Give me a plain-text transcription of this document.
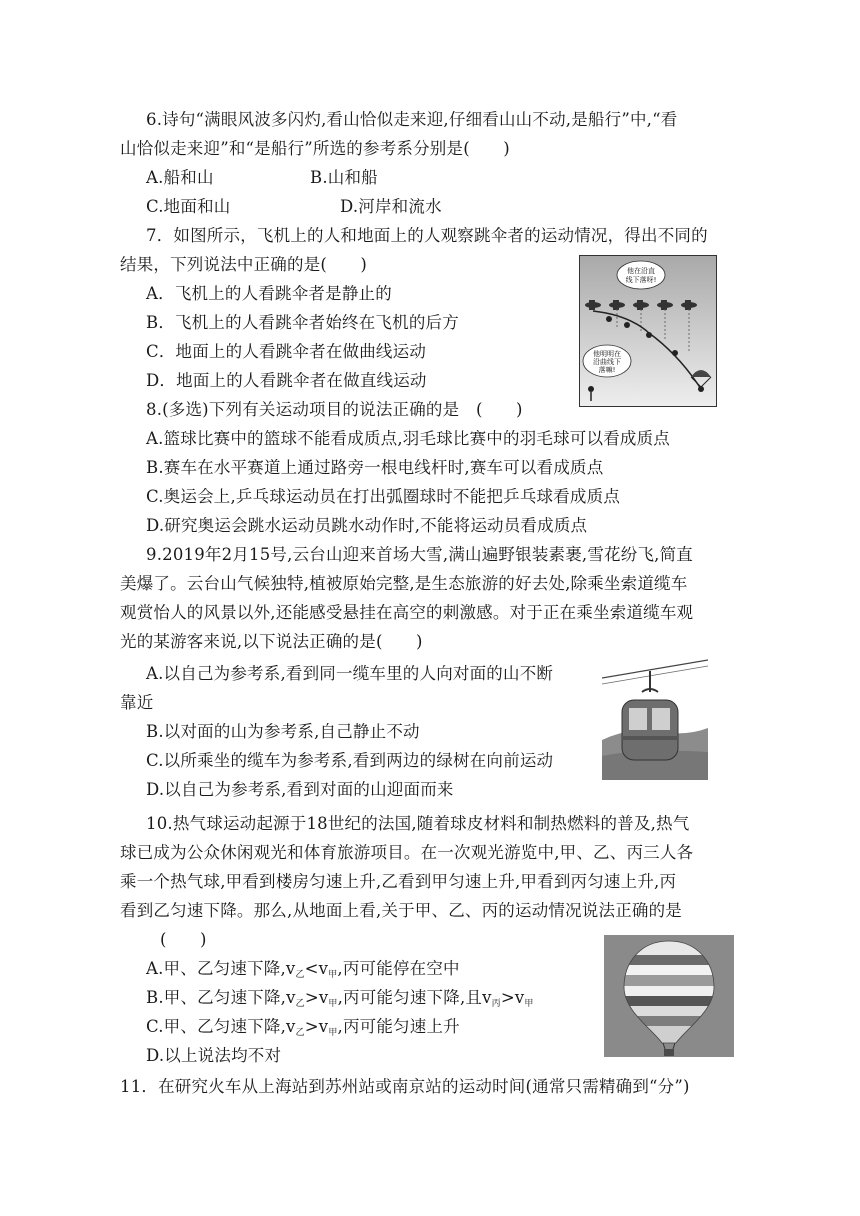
6.诗句“满眼风波多闪灼,看山恰似走来迎,仔细看山山不动,是船行”中,“看
山恰似走来迎”和“是船行”所选的参考系分别是(　　)
A.船和山	B.山和船
C.地面和山	D.河岸和流水
7．如图所示，飞机上的人和地面上的人观察跳伞者的运动情况，得出不同的
结果，下列说法中正确的是(　　)
A．飞机上的人看跳伞者是静止的
B．飞机上的人看跳伞者始终在飞机的后方
C．地面上的人看跳伞者在做曲线运动
D．地面上的人看跳伞者在做直线运动
他在沿直
线下落呀!
他明明在
沿曲线下
落嘛!
8.(多选)下列有关运动项目的说法正确的是　(　　)
A.篮球比赛中的篮球不能看成质点,羽毛球比赛中的羽毛球可以看成质点
B.赛车在水平赛道上通过路旁一根电线杆时,赛车可以看成质点
C.奥运会上,乒乓球运动员在打出弧圈球时不能把乒乓球看成质点
D.研究奥运会跳水运动员跳水动作时,不能将运动员看成质点
9.2019年2月15号,云台山迎来首场大雪,满山遍野银装素裹,雪花纷飞,简直
美爆了。云台山气候独特,植被原始完整,是生态旅游的好去处,除乘坐索道缆车
观赏怡人的风景以外,还能感受悬挂在高空的刺激感。对于正在乘坐索道缆车观
光的某游客来说,以下说法正确的是(　　)
A.以自己为参考系,看到同一缆车里的人向对面的山不断
靠近
B.以对面的山为参考系,自己静止不动
C.以所乘坐的缆车为参考系,看到两边的绿树在向前运动
D.以自己为参考系,看到对面的山迎面而来
10.热气球运动起源于18世纪的法国,随着球皮材料和制热燃料的普及,热气
球已成为公众休闲观光和体育旅游项目。在一次观光游览中,甲、乙、丙三人各
乘一个热气球,甲看到楼房匀速上升,乙看到甲匀速上升,甲看到丙匀速上升,丙
看到乙匀速下降。那么,从地面上看,关于甲、乙、丙的运动情况说法正确的是
(　　)
A.甲、乙匀速下降$,v_乙<v_甲$,丙可能停在空中
B.甲、乙匀速下降$,v_乙>v_甲$,丙可能匀速下降,且$v_丙>v_甲$
C.甲、乙匀速下降$,v_乙>v_甲$,丙可能匀速上升
D.以上说法均不对
11．在研究火车从上海站到苏州站或南京站的运动时间(通常只需精确到“分”)
